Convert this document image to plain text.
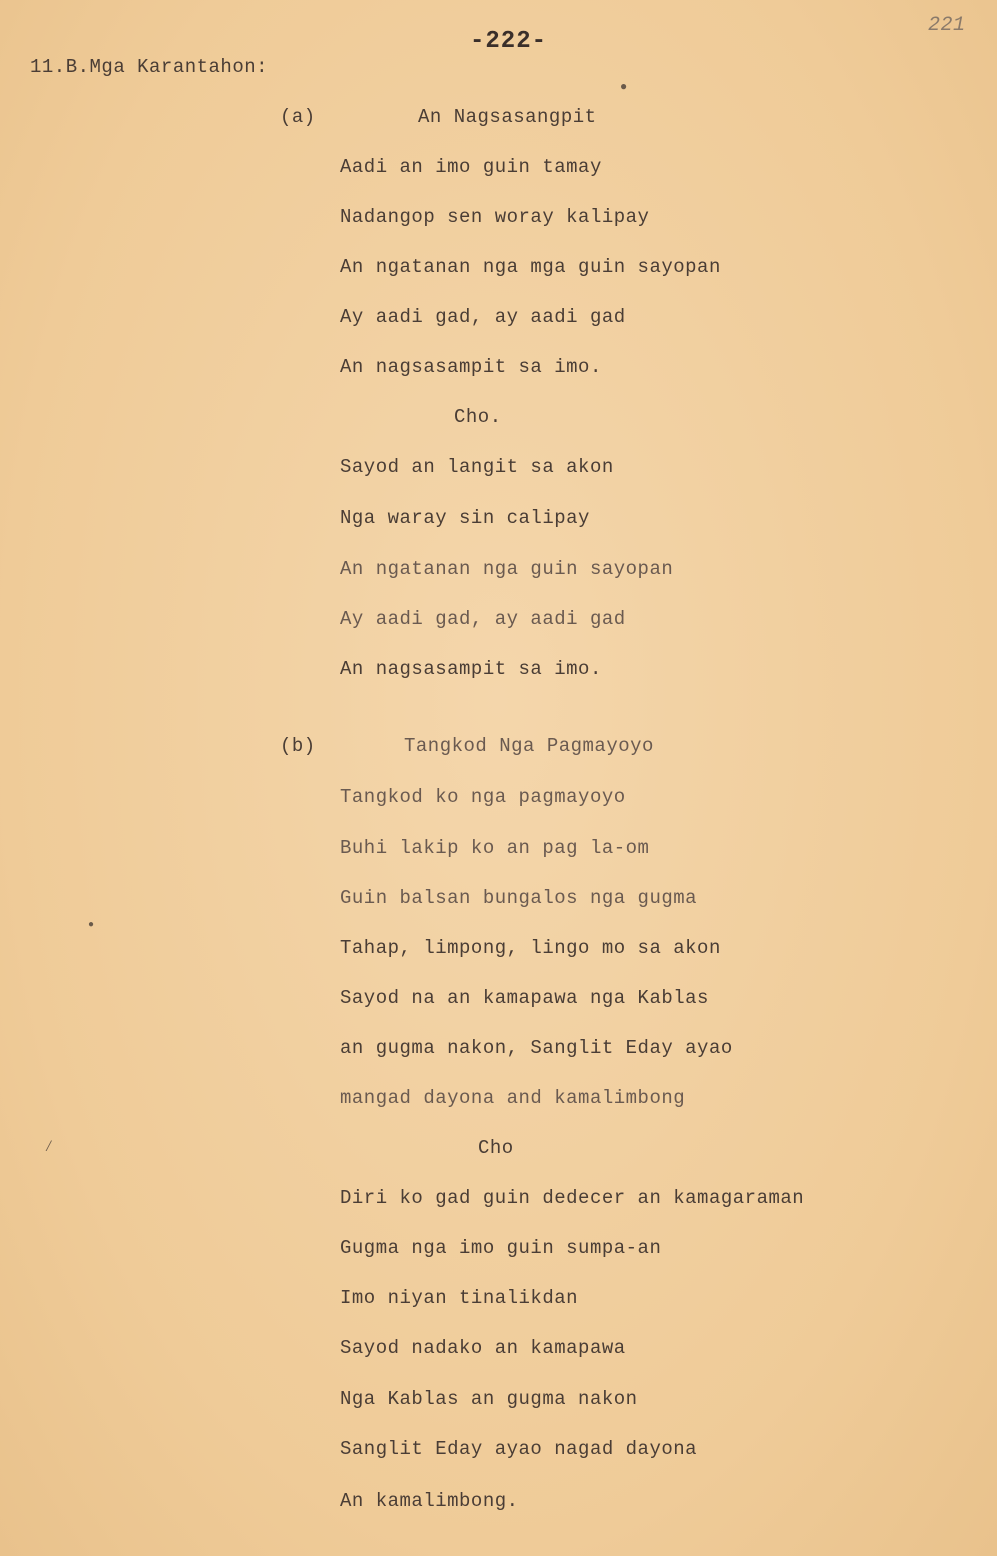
-222-
221
11.B.Mga Karantahon:
(a)	An Nagsasangpit
Aadi an imo guin tamay
Nadangop sen woray kalipay
An ngatanan nga mga guin sayopan
Ay aadi gad, ay aadi gad
An nagsasampit sa imo.
Cho.
Sayod an langit sa akon
Nga waray sin calipay
An ngatanan nga guin sayopan
Ay aadi gad, ay aadi gad
An nagsasampit sa imo.
(b)	Tangkod Nga Pagmayoyo
Tangkod ko nga pagmayoyo
Buhi lakip ko an pag la-om
Guin balsan bungalos nga gugma
Tahap, limpong, lingo mo sa akon
Sayod na an kamapawa nga Kablas
an gugma nakon, Sanglit Eday ayao
mangad dayona and kamalimbong
Cho
Diri ko gad guin dedecer an kamagaraman
Gugma nga imo guin sumpa-an
Imo niyan tinalikdan
Sayod nadako an kamapawa
Nga Kablas an gugma nakon
Sanglit Eday ayao nagad dayona
An kamalimbong.
∕
●
●
